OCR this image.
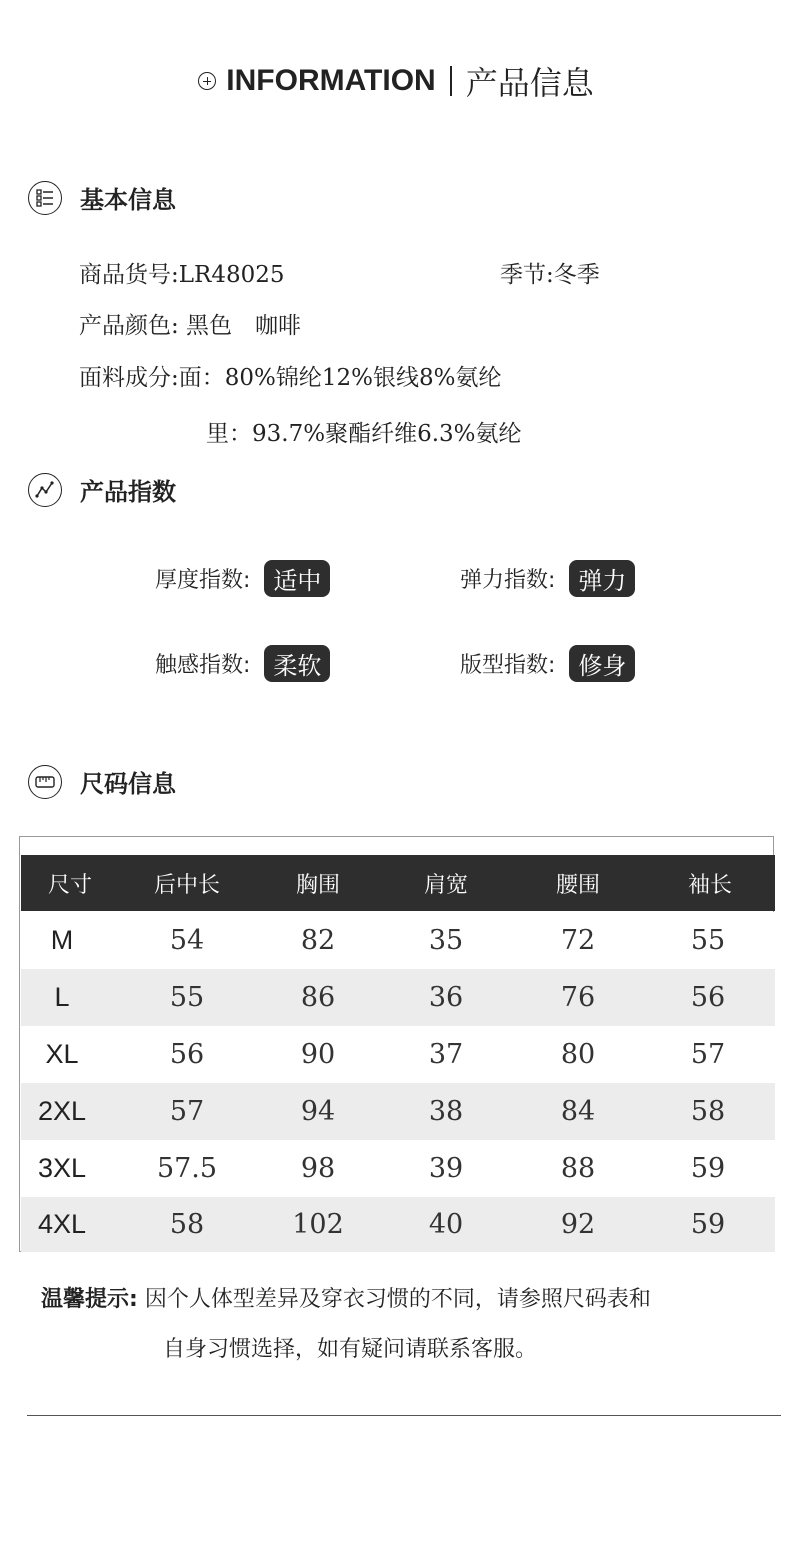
INFORMATION 产品信息
基本信息
商品货号:LR48025	季节:冬季
产品颜色: 黑色　咖啡
面料成分:面：80%锦纶12%银线8%氨纶
里：93.7%聚酯纤维6.3%氨纶
产品指数
厚度指数: 适中	弹力指数: 弹力
触感指数: 柔软	版型指数: 修身
尺码信息
尺寸	后中长	胸围	肩宽	腰围	袖长
M	54	82	35	72	55
L	55	86	36	76	56
XL	56	90	37	80	57
2XL	57	94	38	84	58
3XL	57.5	98	39	88	59
4XL	58	102	40	92	59
温馨提示: 因个人体型差异及穿衣习惯的不同，请参照尺码表和
自身习惯选择，如有疑问请联系客服。
